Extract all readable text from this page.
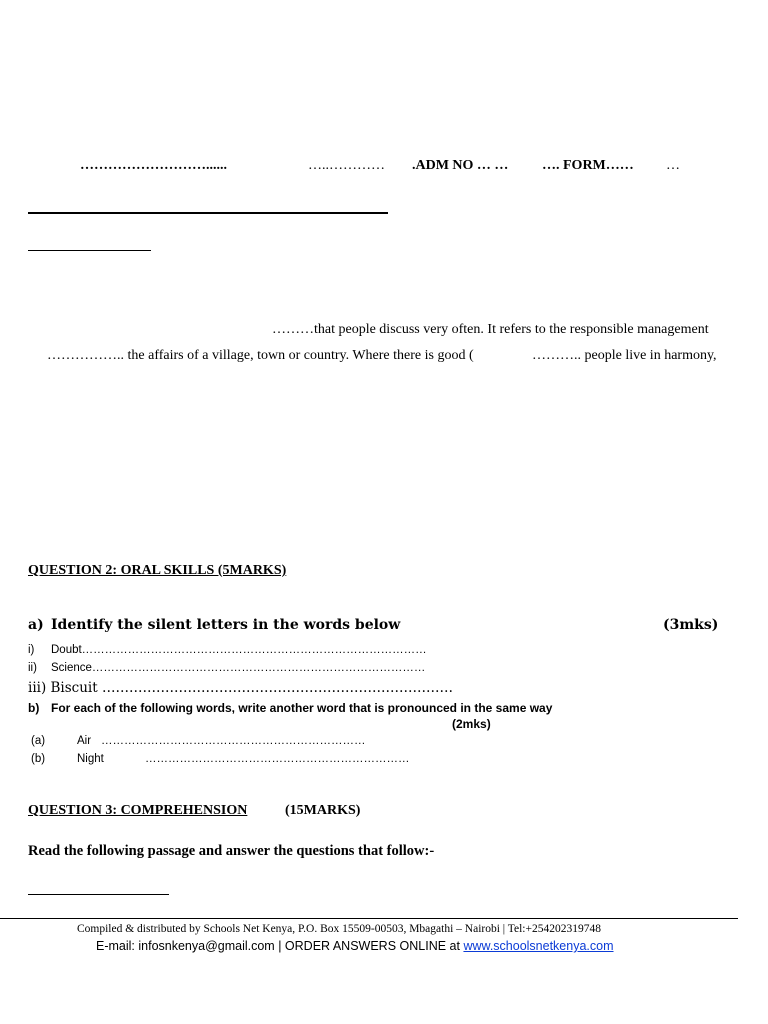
………………………......	…..………… .ADM NO … … …. FORM…… …
………that people discuss very often. It refers to the responsible management
…………….. the affairs of a village, town or country. Where there is good (	……….. people live in harmony,
QUESTION 2: ORAL SKILLS (5MARKS)
a) Identify the silent letters in the words below	(3mks)
i) Doubt………………………………………………………………………………
ii) Science……………………………………………………………………………
iii) Biscuit ……………………………………………………………………
b) For each of the following words, write another word that is pronounced in the same way
(2mks)
(a)	Air ……………………………………………………………
(b)	Night	……………………………………………………………
QUESTION 3: COMPREHENSION	(15MARKS)
Read the following passage and answer the questions that follow:-
Compiled & distributed by Schools Net Kenya, P.O. Box 15509-00503, Mbagathi – Nairobi | Tel:+254202319748
E-mail: infosnkenya@gmail.com | ORDER ANSWERS ONLINE at www.schoolsnetkenya.com
